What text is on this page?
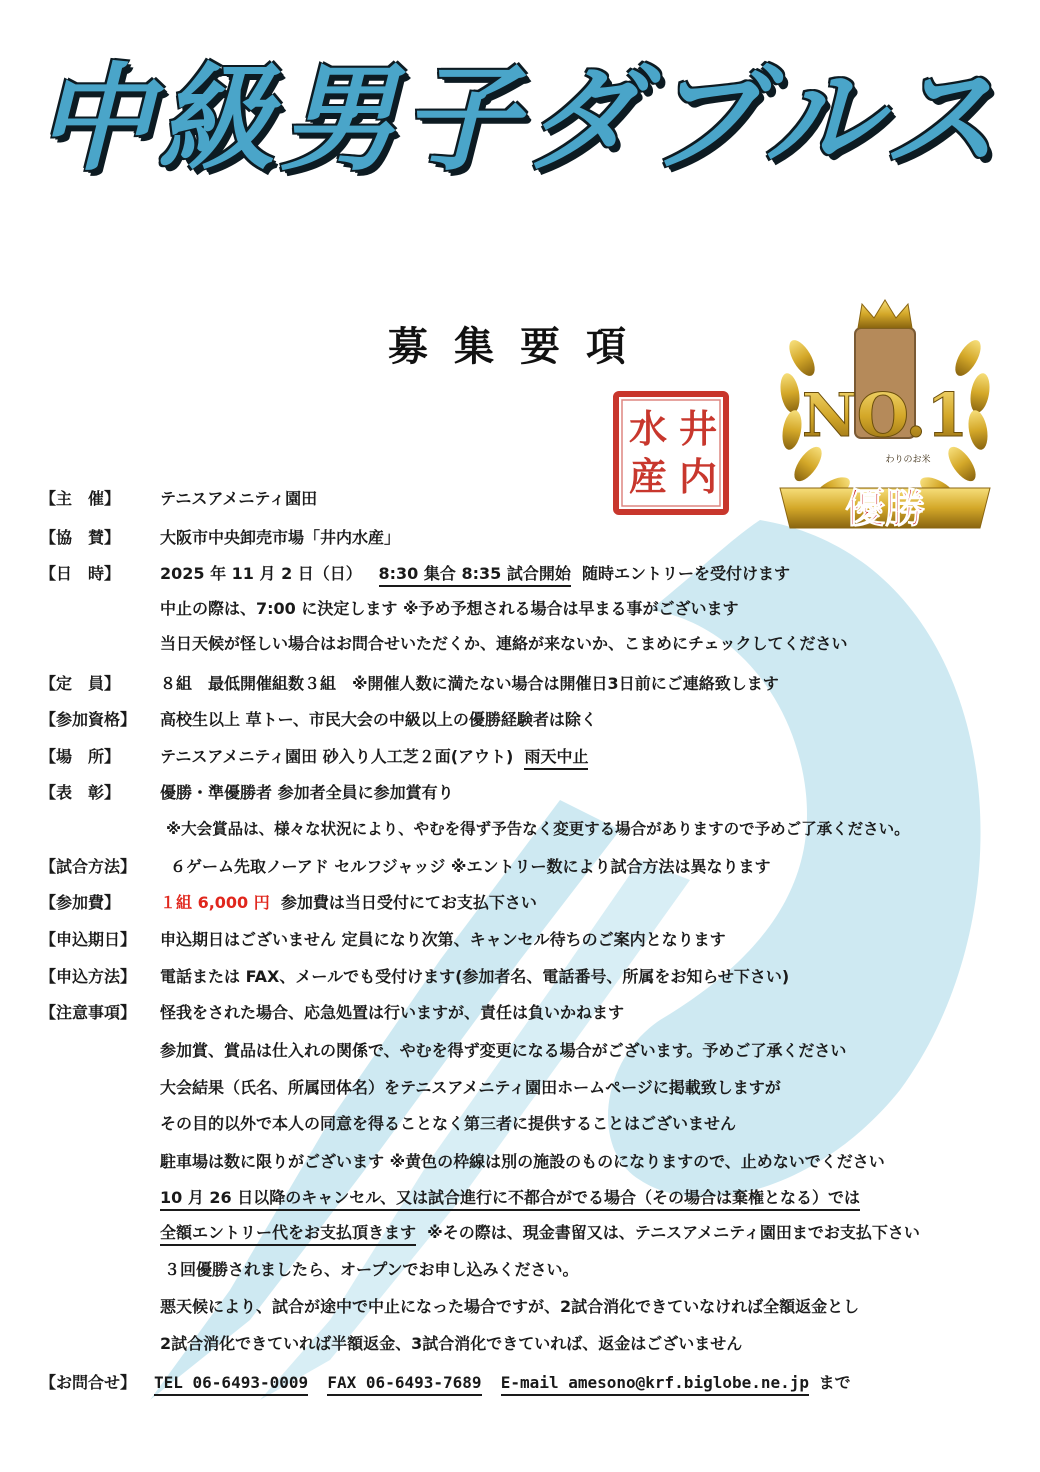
中級男子ダブルス
募集要項
井
内
水
産
NO.1
わりのお米
優勝
【主　催】	テニスアメニティ園田
【協　賛】	大阪市中央卸売市場「井内水産」
【日　時】	2025 年 11 月 2 日（日） 8:30 集合 8:35 試合開始 随時エントリーを受付けます
中止の際は、7:00 に決定します ※予め予想される場合は早まる事がございます
当日天候が怪しい場合はお問合せいただくか、連絡が来ないか、こまめにチェックしてください
【定　員】	８組　最低開催組数３組　※開催人数に満たない場合は開催日3日前にご連絡致します
【参加資格】	高校生以上 草トー、市民大会の中級以上の優勝経験者は除く
【場　所】	テニスアメニティ園田 砂入り人工芝２面(アウト) 雨天中止
【表　彰】	優勝・準優勝者 参加者全員に参加賞有り
※大会賞品は、様々な状況により、やむを得ず予告なく変更する場合がありますので予めご了承ください。
【試合方法】	６ゲーム先取ノーアド セルフジャッジ ※エントリー数により試合方法は異なります
【参加費】	１組 6,000 円 参加費は当日受付にてお支払下さい
【申込期日】	申込期日はございません 定員になり次第、キャンセル待ちのご案内となります
【申込方法】	電話または FAX、メールでも受付けます(参加者名、電話番号、所属をお知らせ下さい)
【注意事項】	怪我をされた場合、応急処置は行いますが、責任は負いかねます
参加賞、賞品は仕入れの関係で、やむを得ず変更になる場合がございます。予めご了承ください
大会結果（氏名、所属団体名）をテニスアメニティ園田ホームページに掲載致しますが
その目的以外で本人の同意を得ることなく第三者に提供することはございません
駐車場は数に限りがございます ※黄色の枠線は別の施設のものになりますので、止めないでください
10 月 26 日以降のキャンセル、又は試合進行に不都合がでる場合（その場合は棄権となる）では
全額エントリー代をお支払頂きます ※その際は、現金書留又は、テニスアメニティ園田までお支払下さい
３回優勝されましたら、オープンでお申し込みください。
悪天候により、試合が途中で中止になった場合ですが、2試合消化できていなければ全額返金とし
2試合消化できていれば半額返金、3試合消化できていれば、返金はございません
【お問合せ】	TEL 06-6493-0009 FAX 06-6493-7689 E-mail amesono@krf.biglobe.ne.jp まで
